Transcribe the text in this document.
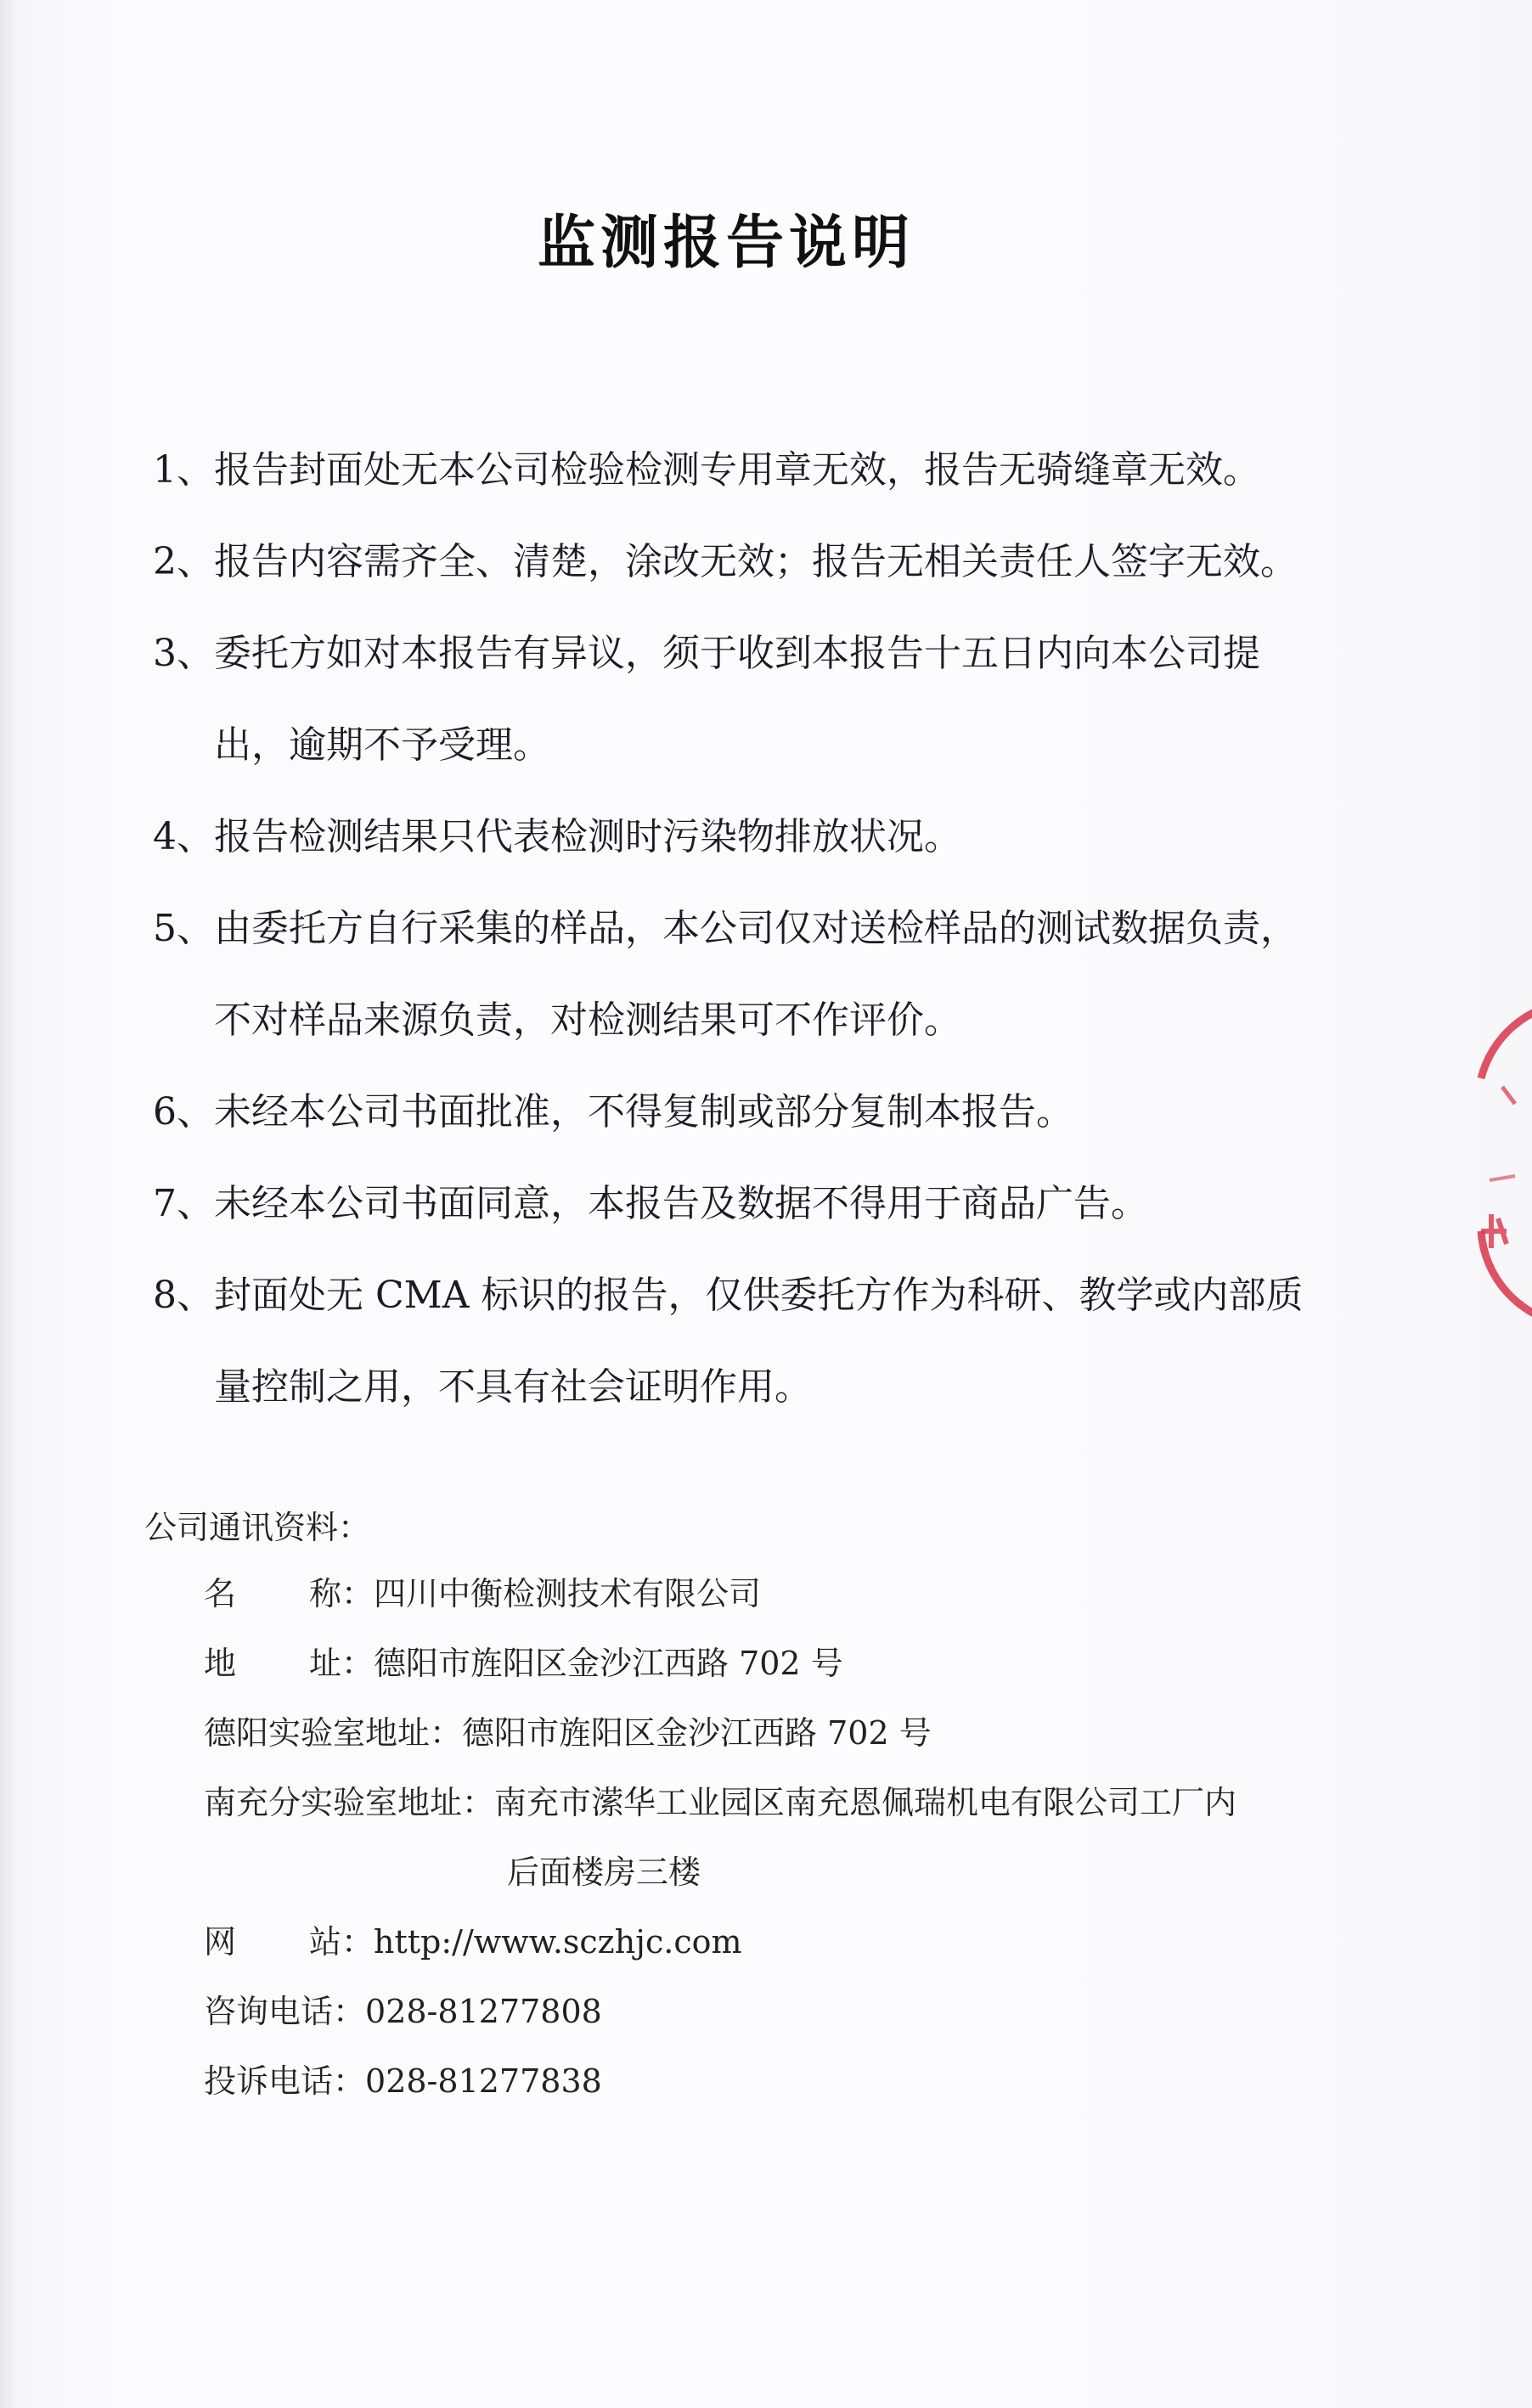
监测报告说明
1、 报告封面处无本公司检验检测专用章无效，报告无骑缝章无效。
2、 报告内容需齐全、清楚，涂改无效；报告无相关责任人签字无效。
3、 委托方如对本报告有异议，须于收到本报告十五日内向本公司提出，逾期不予受理。
4、 报告检测结果只代表检测时污染物排放状况。
5、 由委托方自行采集的样品，本公司仅对送检样品的测试数据负责，不对样品来源负责，对检测结果可不作评价。
6、 未经本公司书面批准，不得复制或部分复制本报告。
7、 未经本公司书面同意，本报告及数据不得用于商品广告。
8、 封面处无 CMA 标识的报告，仅供委托方作为科研、教学或内部质量控制之用，不具有社会证明作用。
公司通讯资料：
名 称： 四川中衡检测技术有限公司
地 址： 德阳市旌阳区金沙江西路 702 号
德阳实验室地址： 德阳市旌阳区金沙江西路 702 号
南充分实验室地址： 南充市潆华工业园区南充恩佩瑞机电有限公司工厂内
后面楼房三楼
网 站： http://www.sczhjc.com
咨询电话： 028-81277808
投诉电话： 028-81277838
